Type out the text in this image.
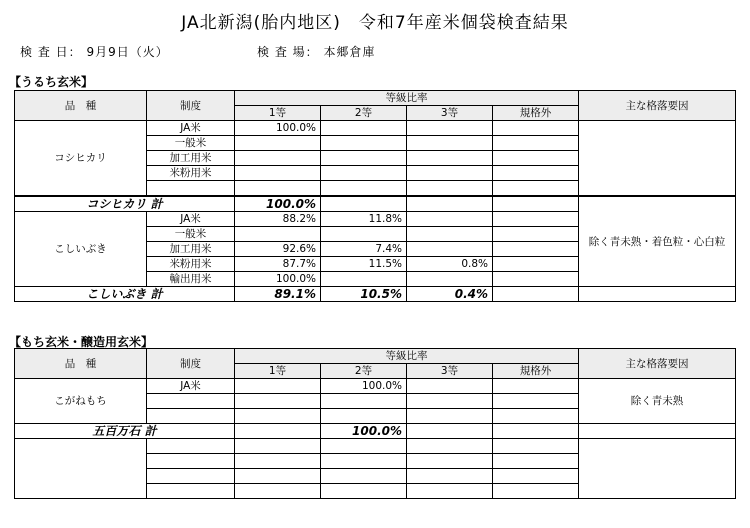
JA北新潟(胎内地区)　令和7年産米個袋検査結果
検 査 日： 9月9日（火）	検 査 場： 本郷倉庫
【うるち玄米】
品　種	制度	等級比率				主な格落要因
		1等	2等	3等	規格外	
コシヒカリ	JA米	100.0%				
	一般米					
	加工用米					
	米粉用米					

コシヒカリ 計		100.0%				除く青未熟・着色粒・心白粒
こしいぶき	JA米	88.2%	11.8%			
	一般米					
	加工用米	92.6%	7.4%			
	米粉用米	87.7%	11.5%	0.8%		
	輸出用米	100.0%				
こしいぶき 計		89.1%	10.5%	0.4%		
【もち玄米・醸造用玄米】
品　種	制度	等級比率				主な格落要因
		1等	2等	3等	規格外	
こがねもち	JA米		100.0%			除く青未熟

五百万石 計			100.0%			
